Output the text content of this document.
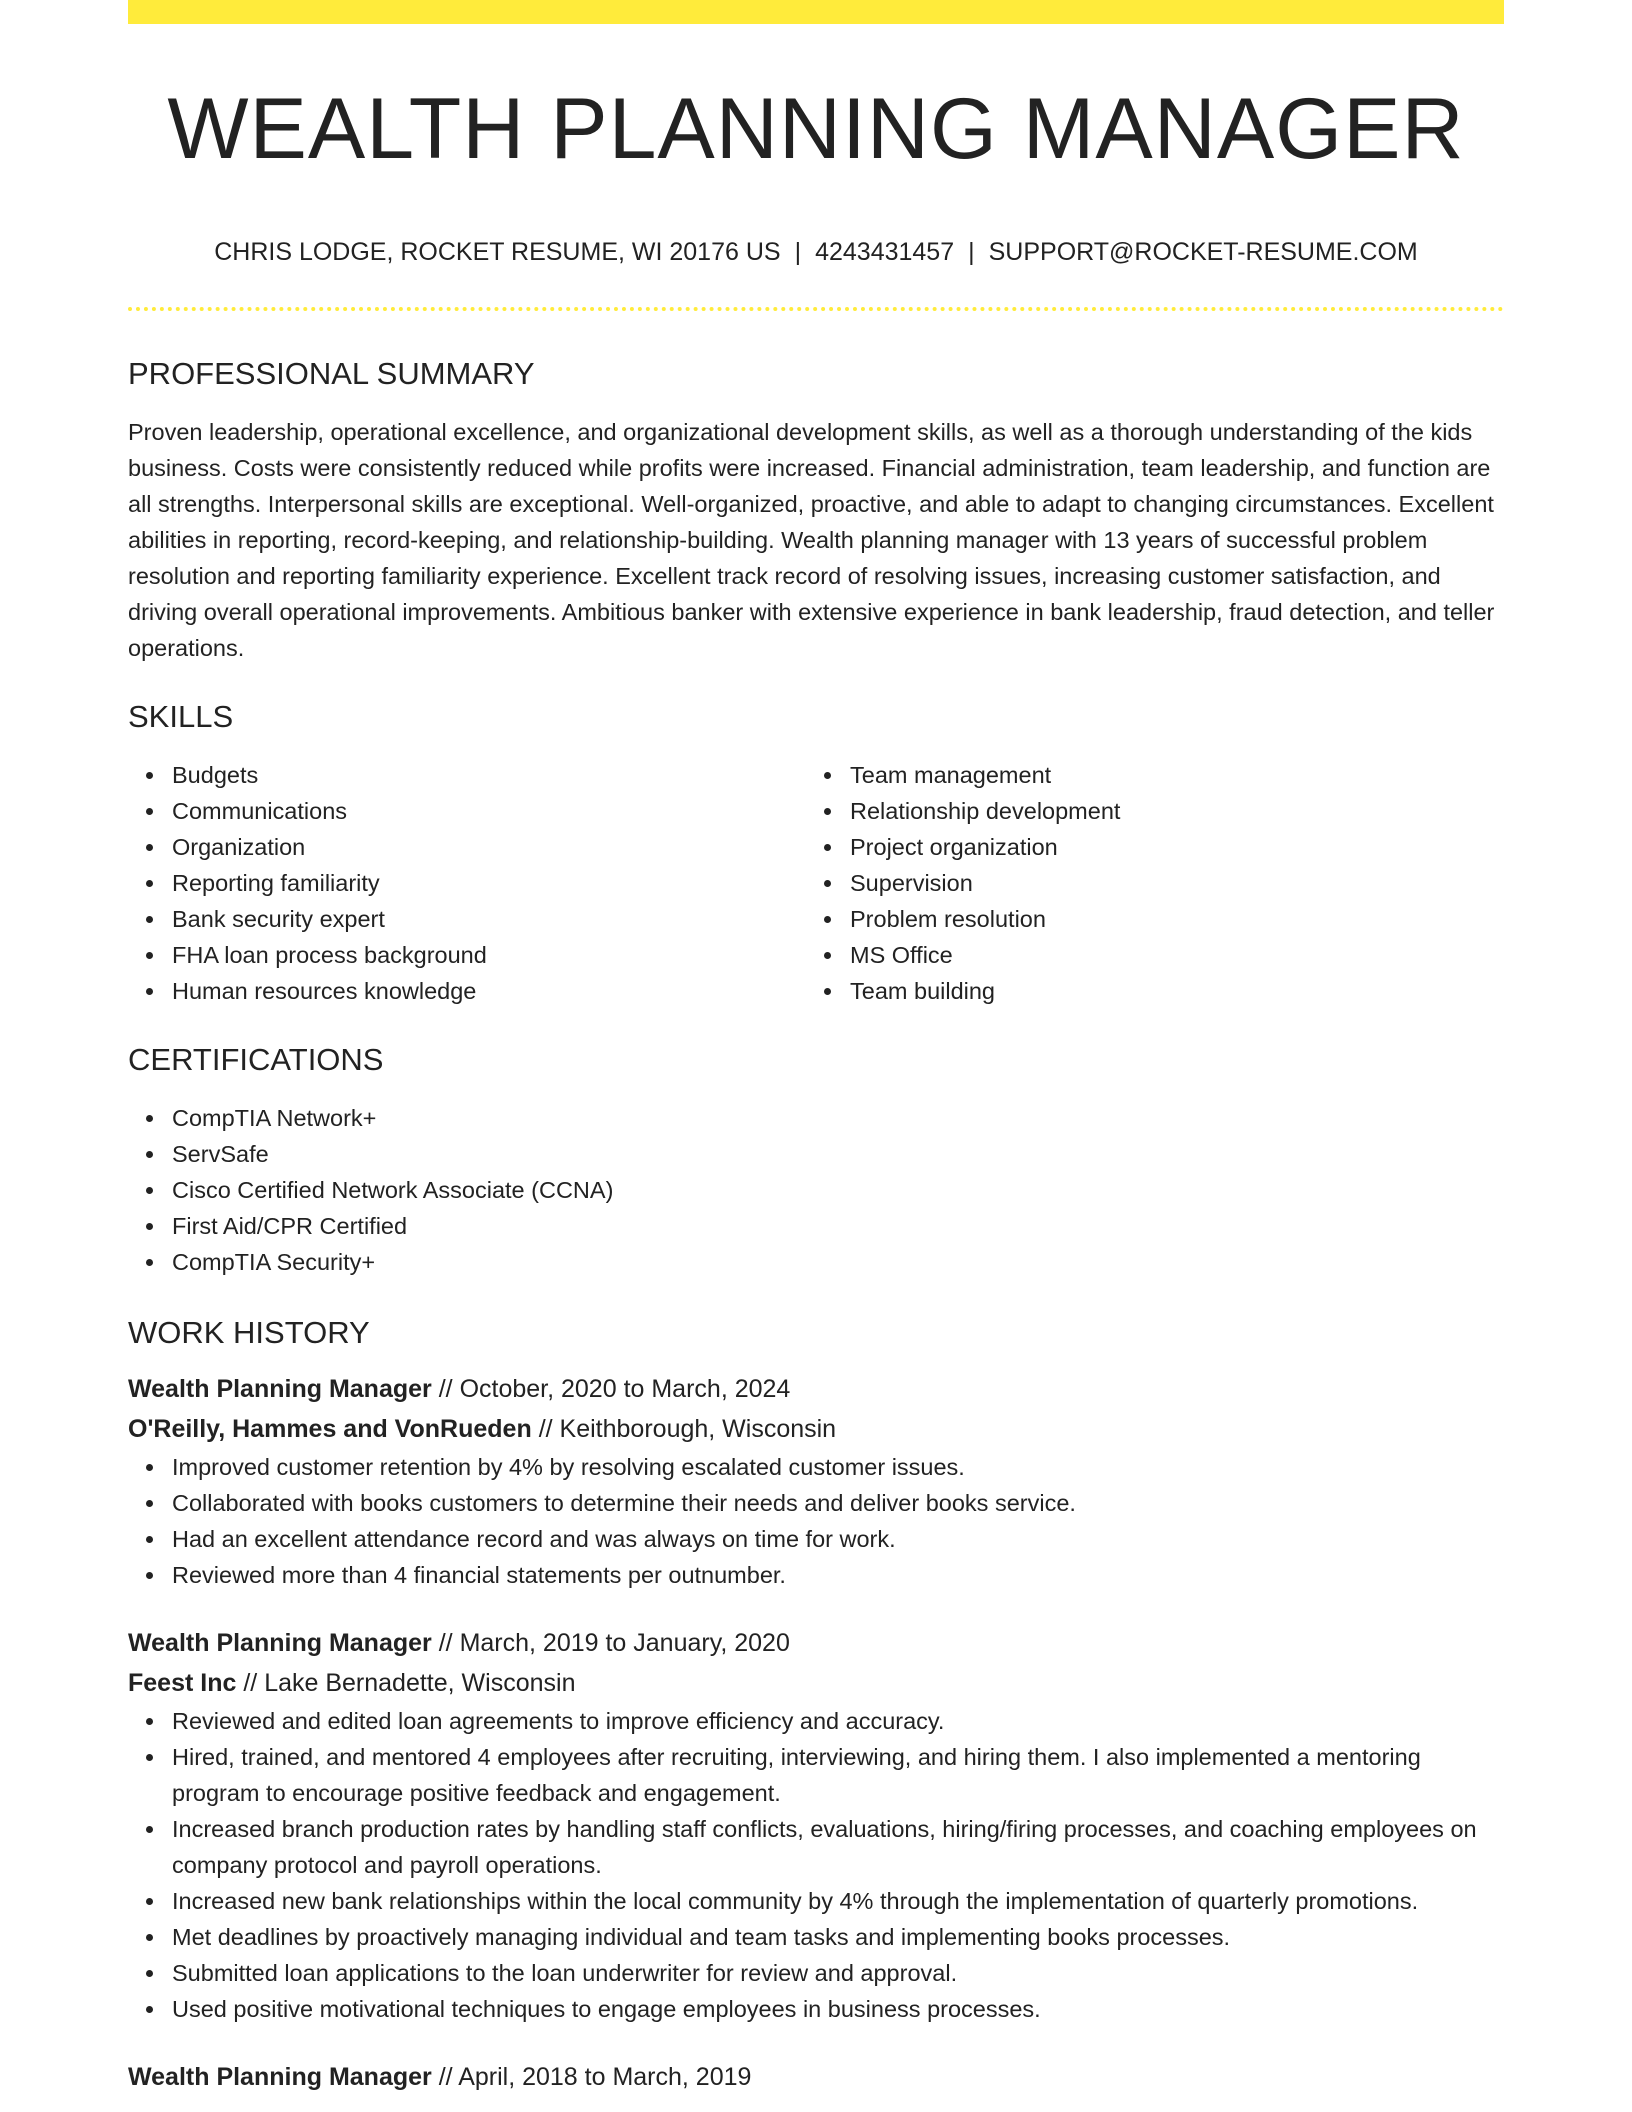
WEALTH PLANNING MANAGER
CHRIS LODGE, ROCKET RESUME, WI 20176 US | 4243431457 | SUPPORT@ROCKET-RESUME.COM
PROFESSIONAL SUMMARY

Proven leadership, operational excellence, and organizational development skills, as well as a thorough understanding of the kids business. Costs were consistently reduced while profits were increased. Financial administration, team leadership, and function are all strengths. Interpersonal skills are exceptional. Well-organized, proactive, and able to adapt to changing circumstances. Excellent abilities in reporting, record-keeping, and relationship-building. Wealth planning manager with 13 years of successful problem resolution and reporting familiarity experience. Excellent track record of resolving issues, increasing customer satisfaction, and driving overall operational improvements. Ambitious banker with extensive experience in bank leadership, fraud detection, and teller operations.

SKILLS
Budgets
Communications
Organization
Reporting familiarity
Bank security expert
FHA loan process background
Human resources knowledge
Team management
Relationship development
Project organization
Supervision
Problem resolution
MS Office
Team building
CERTIFICATIONS
CompTIA Network+
ServSafe
Cisco Certified Network Associate (CCNA)
First Aid/CPR Certified
CompTIA Security+
WORK HISTORY
Wealth Planning Manager // October, 2020 to March, 2024
O'Reilly, Hammes and VonRueden // Keithborough, Wisconsin
Improved customer retention by 4% by resolving escalated customer issues.
Collaborated with books customers to determine their needs and deliver books service.
Had an excellent attendance record and was always on time for work.
Reviewed more than 4 financial statements per outnumber.
Wealth Planning Manager // March, 2019 to January, 2020
Feest Inc // Lake Bernadette, Wisconsin
Reviewed and edited loan agreements to improve efficiency and accuracy.
Hired, trained, and mentored 4 employees after recruiting, interviewing, and hiring them. I also implemented a mentoring program to encourage positive feedback and engagement.
Increased branch production rates by handling staff conflicts, evaluations, hiring/firing processes, and coaching employees on company protocol and payroll operations.
Increased new bank relationships within the local community by 4% through the implementation of quarterly promotions.
Met deadlines by proactively managing individual and team tasks and implementing books processes.
Submitted loan applications to the loan underwriter for review and approval.
Used positive motivational techniques to engage employees in business processes.
Wealth Planning Manager // April, 2018 to March, 2019
